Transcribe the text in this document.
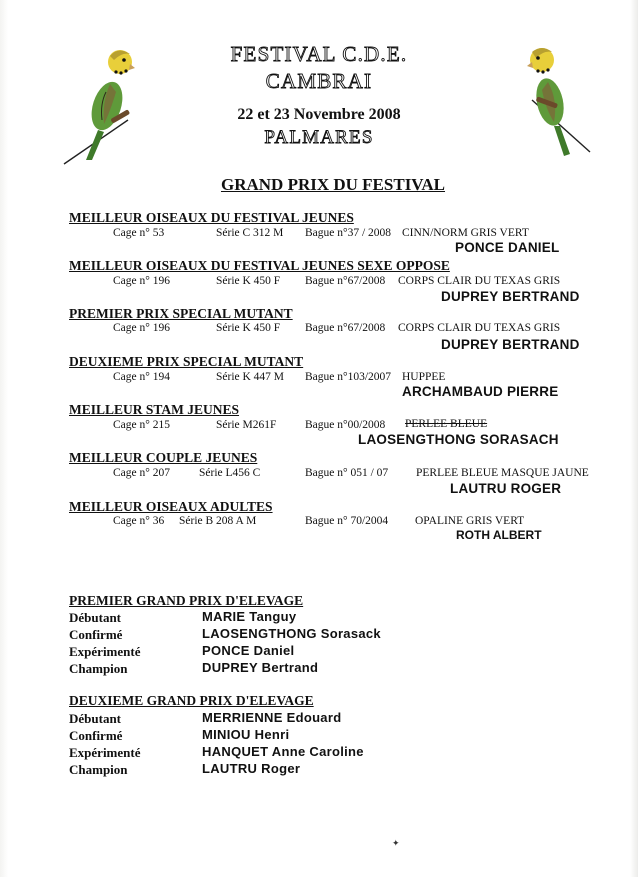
FESTIVAL C.D.E.
CAMBRAI
22 et 23 Novembre 2008
PALMARES
GRAND PRIX DU FESTIVAL
MEILLEUR OISEAUX DU FESTIVAL JEUNES
Cage n° 53	Série C 312 M Bague n°37 / 2008 CINN/NORM GRIS VERT
PONCE DANIEL
MEILLEUR OISEAUX DU FESTIVAL JEUNES SEXE OPPOSE
Cage n° 196	Série K 450 F Bague n°67/2008 CORPS CLAIR DU TEXAS GRIS
DUPREY BERTRAND
PREMIER PRIX SPECIAL MUTANT
Cage n° 196	Série K 450 F Bague n°67/2008 CORPS CLAIR DU TEXAS GRIS
DUPREY BERTRAND
DEUXIEME PRIX SPECIAL MUTANT
Cage n° 194	Série K 447 M Bague n°103/2007 HUPPEE
ARCHAMBAUD PIERRE
MEILLEUR STAM JEUNES
Cage n° 215	Série M261F Bague n°00/2008 PERLEE BLEUE
LAOSENGTHONG SORASACH
MEILLEUR COUPLE JEUNES
Cage n° 207	Série L456 C	Bague n° 051 / 07 PERLEE BLEUE MASQUE JAUNE
LAUTRU ROGER
MEILLEUR OISEAUX ADULTES
Cage n° 36 Série B 208 A M	Bague n° 70/2004 OPALINE GRIS VERT
ROTH ALBERT
PREMIER GRAND PRIX D'ELEVAGE
Débutant	MARIE Tanguy
Confirmé	LAOSENGTHONG Sorasack
Expérimenté	PONCE Daniel
Champion	DUPREY Bertrand
DEUXIEME GRAND PRIX D'ELEVAGE
Débutant	MERRIENNE Edouard
Confirmé	MINIOU Henri
Expérimenté	HANQUET Anne Caroline
Champion	LAUTRU Roger
✦
